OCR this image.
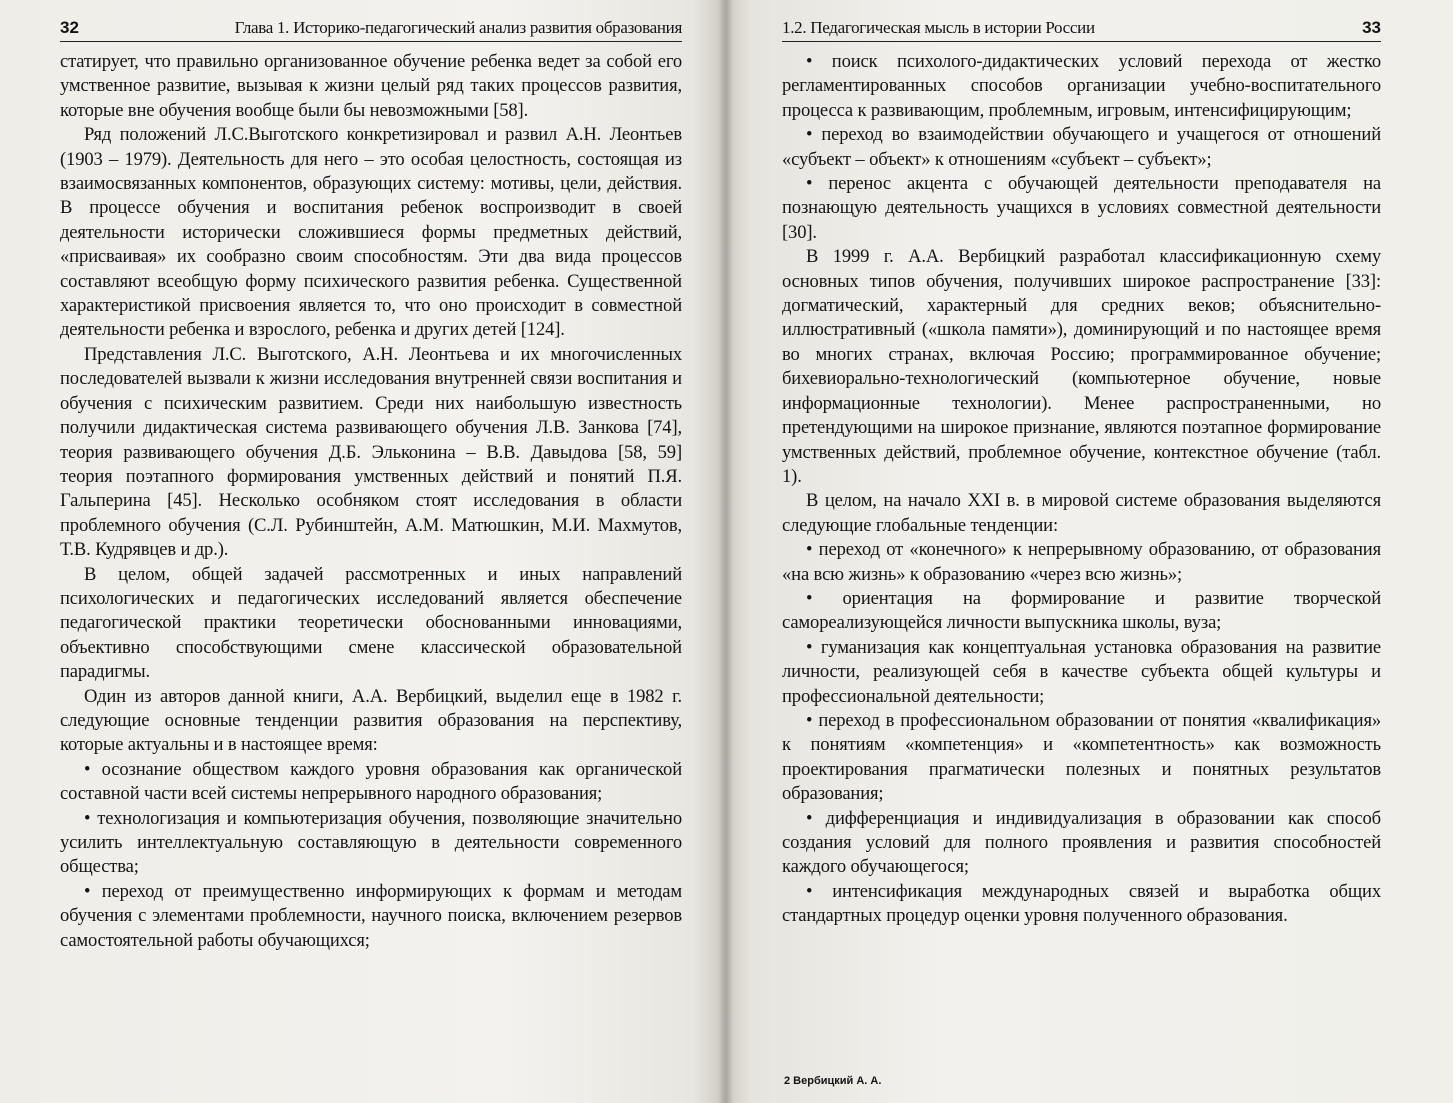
32	Глава 1. Историко-педагогический анализ развития образования

статирует, что правильно организованное обучение ребенка ведет за собой его умственное развитие, вызывая к жизни целый ряд таких процессов развития, которые вне обучения вообще были бы невозможными [58].

Ряд положений Л.С.Выготского конкретизировал и развил А.Н. Леонтьев (1903 – 1979). Деятельность для него – это особая целостность, состоящая из взаимосвязанных компонентов, образующих систему: мотивы, цели, действия. В процессе обучения и воспитания ребенок воспроизводит в своей деятельности исторически сложившиеся формы предметных действий, «присваивая» их сообразно своим способностям. Эти два вида процессов составляют всеобщую форму психического развития ребенка. Существенной характеристикой присвоения является то, что оно происходит в совместной деятельности ребенка и взрослого, ребенка и других детей [124].

Представления Л.С. Выготского, А.Н. Леонтьева и их многочисленных последователей вызвали к жизни исследования внутренней связи воспитания и обучения с психическим развитием. Среди них наибольшую известность получили дидактическая система развивающего обучения Л.В. Занкова [74], теория развивающего обучения Д.Б. Эльконина – В.В. Давыдова [58, 59] теория поэтапного формирования умственных действий и понятий П.Я. Гальперина [45]. Несколько особняком стоят исследования в области проблемного обучения (С.Л. Рубинштейн, А.М. Матюшкин, М.И. Махмутов, Т.В. Кудрявцев и др.).

В целом, общей задачей рассмотренных и иных направлений психологических и педагогических исследований является обеспечение педагогической практики теоретически обоснованными инновациями, объективно способствующими смене классической образовательной парадигмы.

Один из авторов данной книги, А.А. Вербицкий, выделил еще в 1982 г. следующие основные тенденции развития образования на перспективу, которые актуальны и в настоящее время:

• осознание обществом каждого уровня образования как органической составной части всей системы непрерывного народного образования;

• технологизация и компьютеризация обучения, позволяющие значительно усилить интеллектуальную составляющую в деятельности современного общества;

• переход от преимущественно информирующих к формам и методам обучения с элементами проблемности, научного поиска, включением резервов самостоятельной работы обучающихся;

1.2. Педагогическая мысль в истории России	33

• поиск психолого-дидактических условий перехода от жестко регламентированных способов организации учебно-воспитательного процесса к развивающим, проблемным, игровым, интенсифицирующим;

• переход во взаимодействии обучающего и учащегося от отношений «субъект – объект» к отношениям «субъект – субъект»;

• перенос акцента с обучающей деятельности преподавателя на познающую деятельность учащихся в условиях совместной деятельности [30].

В 1999 г. А.А. Вербицкий разработал классификационную схему основных типов обучения, получивших широкое распространение [33]: догматический, характерный для средних веков; объяснительно-иллюстративный («школа памяти»), доминирующий и по настоящее время во многих странах, включая Россию; программированное обучение; бихевиорально-технологический (компьютерное обучение, новые информационные технологии). Менее распространенными, но претендующими на широкое признание, являются поэтапное формирование умственных действий, проблемное обучение, контекстное обучение (табл. 1).

В целом, на начало XXI в. в мировой системе образования выделяются следующие глобальные тенденции:

• переход от «конечного» к непрерывному образованию, от образования «на всю жизнь» к образованию «через всю жизнь»;

• ориентация на формирование и развитие творческой самореализующейся личности выпускника школы, вуза;

• гуманизация как концептуальная установка образования на развитие личности, реализующей себя в качестве субъекта общей культуры и профессиональной деятельности;

• переход в профессиональном образовании от понятия «квалификация» к понятиям «компетенция» и «компетентность» как возможность проектирования прагматически полезных и понятных результатов образования;

• дифференциация и индивидуализация в образовании как способ создания условий для полного проявления и развития способностей каждого обучающегося;

• интенсификация международных связей и выработка общих стандартных процедур оценки уровня полученного образования.

2 Вербицкий А. А.
